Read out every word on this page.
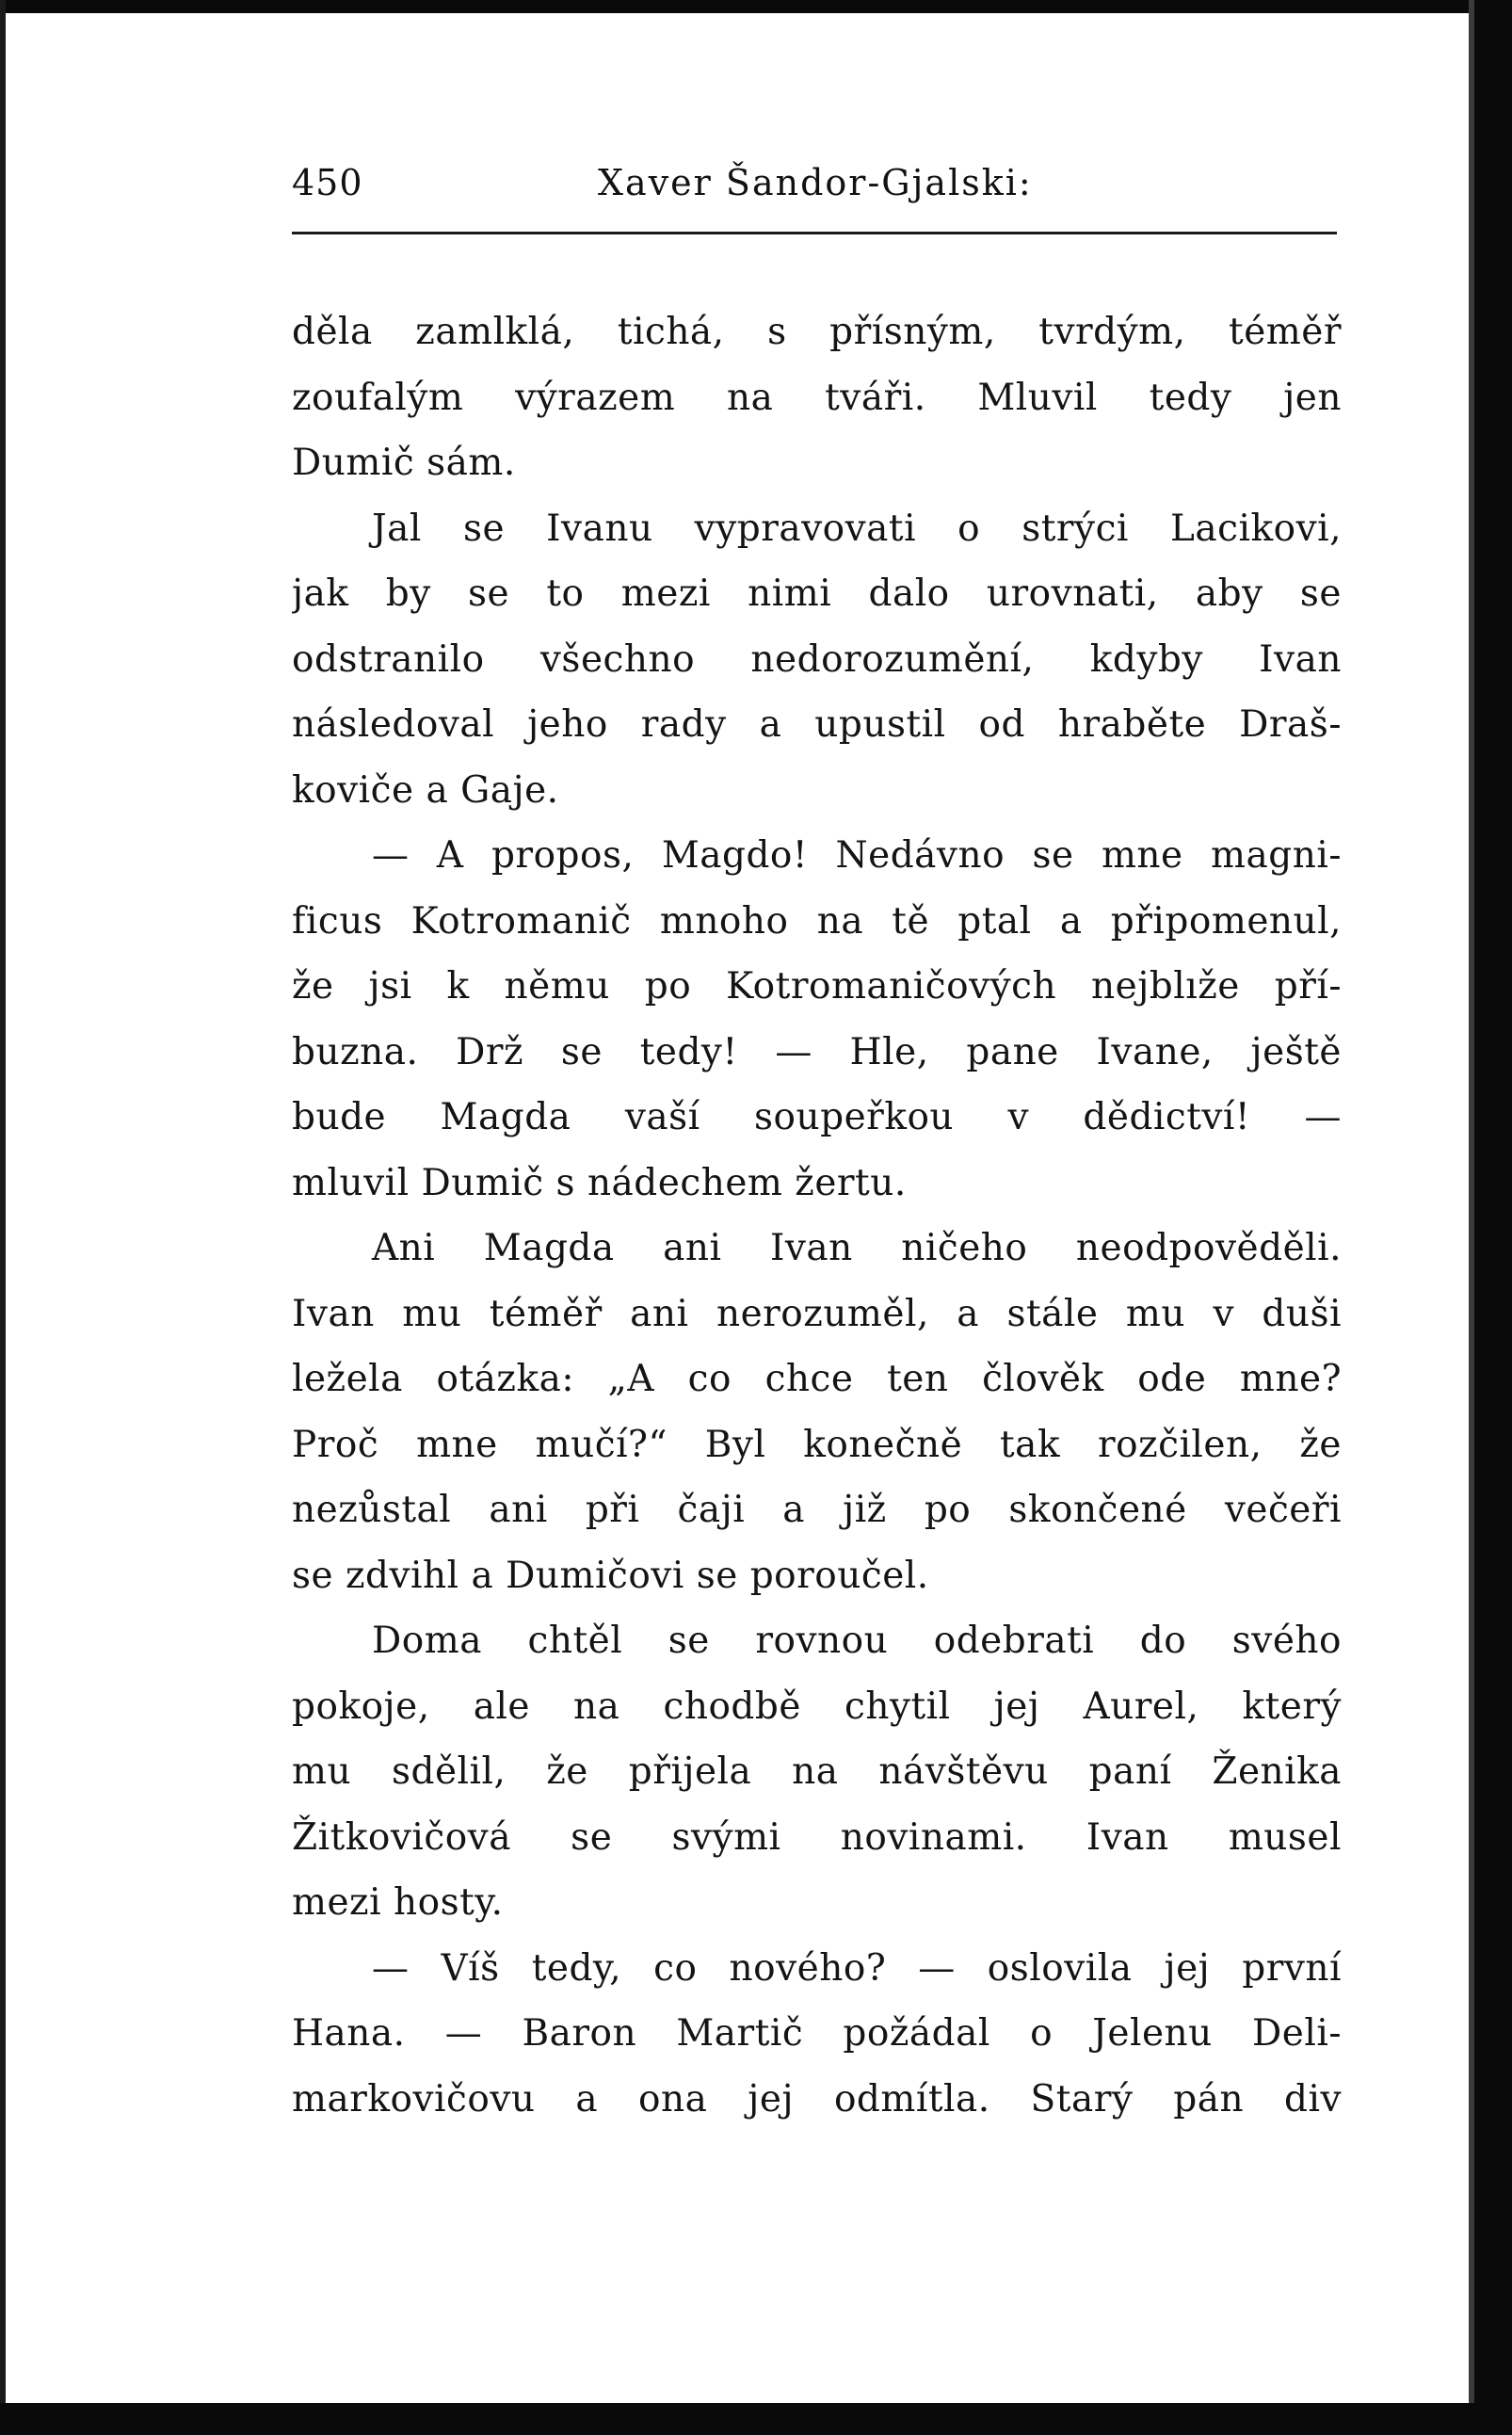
450	Xaver Šandor-Gjalski:
děla zamlklá, tichá, s přísným, tvrdým, téměř
zoufalým výrazem na tváři. Mluvil tedy jen
Dumič sám.
Jal se Ivanu vypravovati o strýci Lacikovi,
jak by se to mezi nimi dalo urovnati, aby se
odstranilo všechno nedorozumění, kdyby Ivan
následoval jeho rady a upustil od hraběte Draš-
koviče a Gaje.
— A propos, Magdo! Nedávno se mne magni-
ficus Kotromanič mnoho na tě ptal a připomenul,
že jsi k němu po Kotromaničových nejblıže pří-
buzna. Drž se tedy! — Hle, pane Ivane, ještě
bude Magda vaší soupeřkou v dědictví! —
mluvil Dumič s nádechem žertu.
Ani Magda ani Ivan ničeho neodpověděli.
Ivan mu téměř ani nerozuměl, a stále mu v duši
ležela otázka: „A co chce ten člověk ode mne?
Proč mne mučí?“ Byl konečně tak rozčilen, že
nezůstal ani při čaji a již po skončené večeři
se zdvihl a Dumičovi se poroučel.
Doma chtěl se rovnou odebrati do svého
pokoje, ale na chodbě chytil jej Aurel, který
mu sdělil, že přijela na návštěvu paní Ženika
Žitkovičová se svými novinami. Ivan musel
mezi hosty.
— Víš tedy, co nového? — oslovila jej první
Hana. — Baron Martič požádal o Jelenu Deli-
markovičovu a ona jej odmítla. Starý pán div
